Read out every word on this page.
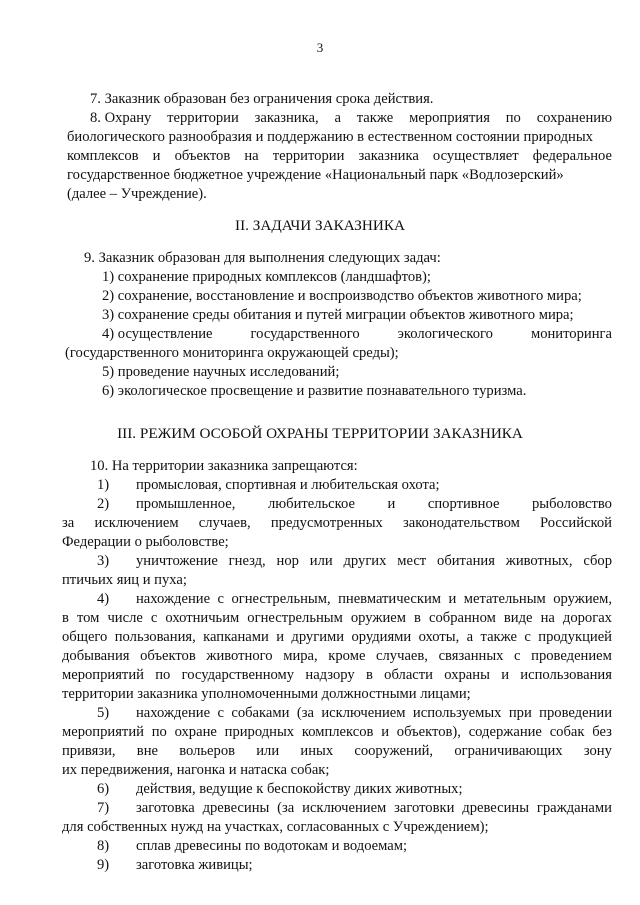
3
7. Заказник образован без ограничения срока действия.
8. Охрану территории заказника, а также мероприятия по сохранению
биологического разнообразия и поддержанию в естественном состоянии природных
комплексов и объектов на территории заказника осуществляет федеральное
государственное бюджетное учреждение «Национальный парк «Водлозерский»
(далее – Учреждение).
II. ЗАДАЧИ ЗАКАЗНИКА
9. Заказник образован для выполнения следующих задач:
1) сохранение природных комплексов (ландшафтов);
2) сохранение, восстановление и воспроизводство объектов животного мира;
3) сохранение среды обитания и путей миграции объектов животного мира;
4) осуществление	государственного	экологического	мониторинга
(государственного мониторинга окружающей среды);
5) проведение научных исследований;
6) экологическое просвещение и развитие познавательного туризма.
III. РЕЖИМ ОСОБОЙ ОХРАНЫ ТЕРРИТОРИИ ЗАКАЗНИКА
10. На территории заказника запрещаются:
1)	промысловая, спортивная и любительская охота;
2)	промышленное, любительское и спортивное рыболовство
за исключением случаев, предусмотренных законодательством Российской
Федерации о рыболовстве;
3)	уничтожение гнезд, нор или других мест обитания животных, сбор
птичьих яиц и пуха;
4)	нахождение с огнестрельным, пневматическим и метательным оружием,
в том числе с охотничьим огнестрельным оружием в собранном виде на дорогах
общего пользования, капканами и другими орудиями охоты, а также с продукцией
добывания объектов животного мира, кроме случаев, связанных с проведением
мероприятий по государственному надзору в области охраны и использования
территории заказника уполномоченными должностными лицами;
5)	нахождение с собаками (за исключением используемых при проведении
мероприятий по охране природных комплексов и объектов), содержание собак без
привязи, вне вольеров или иных сооружений, ограничивающих зону
их передвижения, нагонка и натаска собак;
6)	действия, ведущие к беспокойству диких животных;
7)	заготовка древесины (за исключением заготовки древесины гражданами
для собственных нужд на участках, согласованных с Учреждением);
8)	сплав древесины по водотокам и водоемам;
9)	заготовка живицы;
